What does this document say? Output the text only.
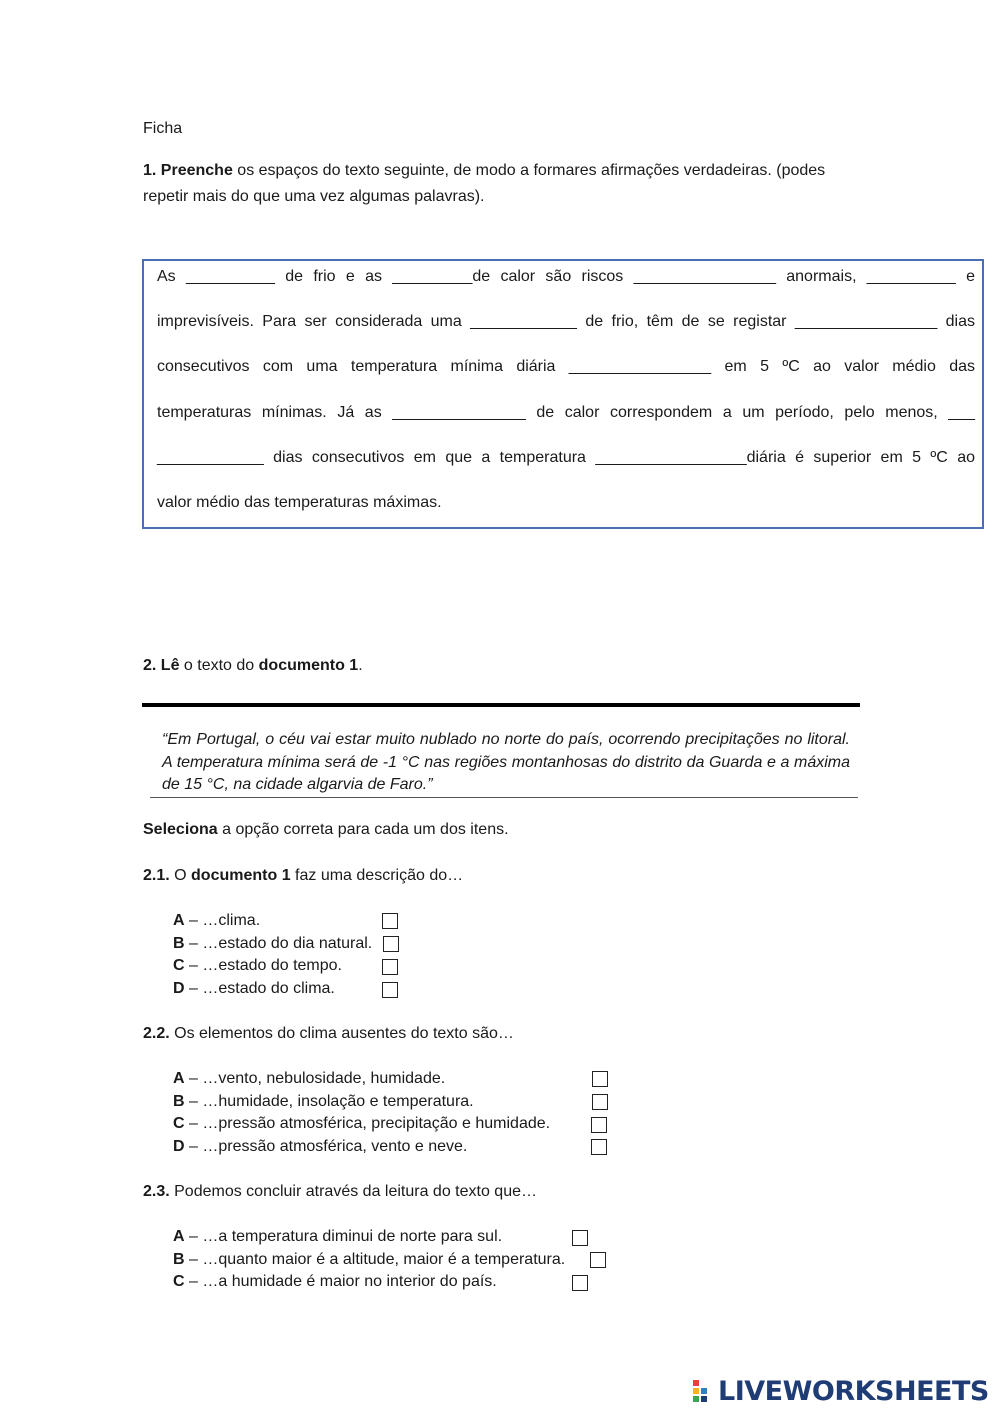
Ficha
1. Preenche os espaços do texto seguinte, de modo a formares afirmações verdadeiras. (podes repetir mais do que uma vez algumas palavras).
As __________ de frio e as _________de calor são riscos ________________ anormais, __________ e
imprevisíveis. Para ser considerada uma ____________ de frio, têm de se registar ________________ dias
consecutivos com uma temperatura mínima diária ________________ em 5 ºC ao valor médio das
temperaturas mínimas. Já as _______________ de calor correspondem a um período, pelo menos, ___
____________ dias consecutivos em que a temperatura _________________diária é superior em 5 ºC ao
valor médio das temperaturas máximas.
2. Lê o texto do documento 1.
“Em Portugal, o céu vai estar muito nublado no norte do país, ocorrendo precipitações no litoral. A temperatura mínima será de -1 °C nas regiões montanhosas do distrito da Guarda e a máxima de 15 °C, na cidade algarvia de Faro.”
Seleciona a opção correta para cada um dos itens.
2.1. O documento 1 faz uma descrição do…
A – …clima.
B – …estado do dia natural.
C – …estado do tempo.
D – …estado do clima.
2.2. Os elementos do clima ausentes do texto são…
A – …vento, nebulosidade, humidade.
B – …humidade, insolação e temperatura.
C – …pressão atmosférica, precipitação e humidade.
D – …pressão atmosférica, vento e neve.
2.3. Podemos concluir através da leitura do texto que…
A – …a temperatura diminui de norte para sul.
B – …quanto maior é a altitude, maior é a temperatura.
C – …a humidade é maior no interior do país.
LIVEWORKSHEETS
